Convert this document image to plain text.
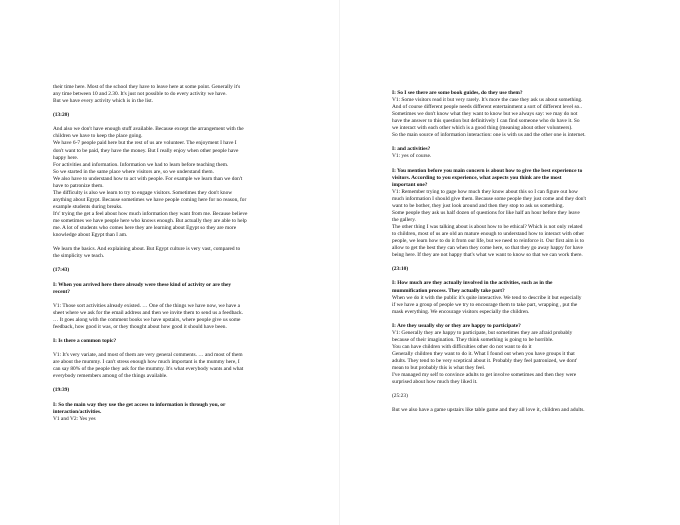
their time here. Most of the school they have to leave here at some point. Generally it's
any time between 10 and 2.30. It's just not possible to do every activity we have.
But we have every activity which is in the list.
(13:20)
And also we don't have enough stuff available. Because except the arrangement with the
children we have to keep the place going.
We have 6-7 people paid here but the rest of us are volunteer. The enjoyment I have I
don't want to be paid, they have the money. But I really enjoy when other people have
happy here.
For activities and information. Information we had to learn before teaching them.
So we started in the same place where visitors are, so we understand them.
We also have to understand how to act with people. For example we learn than we don't
have to patronize them.
The difficulty is also we learn to try to engage visitors. Sometimes they don't know
anything about Egypt. Because sometimes we have people coming here for no reason, for
example students during breaks.
It's' trying the get a feel about how much information they want from me. Because believe
me sometimes we have people here who knows enough. But actually they are able to help
me. A lot of students who comes here they are learning about Egypt so they are more
knowledge about Egypt than I am.
We learn the basics. And explaining about. But Egypt culture is very vast, compared to
the simplicity we teach.
(17:43)
I: When you arrived here there already were these kind of activity or are they
recent?
V1: Those sort activities already existed. … One of the things we have now, we have a
sheet where we ask for the email address and then we invite them to send us a feedback.
… It goes along with the comment books we have upstairs, where people give us some
feedback, how good it was, or they thought about how good it should have been.
I: Is there a common topic?
V1: It's very variate, and most of them are very general comments. … and most of them
are about the mummy. I can't stress enough how much important is the mummy here, I
can say 80% of the people they ask for the mummy. It's what everybody wants and what
everybody remembers among of the things available.
(19:39)
I: So the main way they use the get access to information is through you, or
interaction/activities.
V1 and V2: Yes yes
I: So I see there are some book guides, do they use them?
V1: Some visitors read it but very rarely. It's more the case they ask us about something.
And of course different people needs different entertainment a sort of different level so..
Sometimes we don't know what they want to know but we always say: we may do not
have the answer to this question but definitively I can find someone who do have it. So
we interact with each other which is a good thing (meaning about other volunteers).
So the main source of information interaction: one is with us and the other one is internet.
I: and activities?
V1: yes of course.
I: You mention before you main concern is about how to give the best experience to
visitors. According to you experience, what aspects you think are the most
important one?
V1: Remember trying to gage how much they know about this so I can figure out how
much information I should give them. Because some people they just come and they don't
want to be bother, they just look around and then they stop to ask us something.
Some people they ask us half dozen of questions for like half an hour before they leave
the gallery.
The other thing I was talking about is about how to be ethical? Which is not only related
to children, most of us are old an mature enough to understand how to interact with other
people, we learn how to do it from our life, but we need to reinforce it. Our first aim is to
allow to get the best they can when they come here, so that they go away happy for have
being here. If they are not happy that's what we want to know so that we can work there.
(23:10)
I: How much are they actually involved in the activities, such as in the
mummification process. They actually take part?
When we do it with the public it's quite interactive. We tend to describe it but especially
if we have a group of people we try to encourage them to take part, wrapping , put the
mask everything. We encourage visitors especially the children.
I: Are they usually shy or they are happy to participate?
V1: Generally they are happy to participate, but sometimes they are afraid probably
because of their imagination. They think something is going to be horrible.
You can have children with difficulties other do not want to do it
Generally children they want to do it. What I found out when you have groups it that
adults. They tend to be very sceptical about it. Probably they feel patronized, we dont'
mean to but probably this is what they feel.
I've managed my self to convince adults to get involve sometimes and then they were
surprised about how much they liked it.
(25:23)
But we also have a game upstairs like table game and they all love it, children and adults.
